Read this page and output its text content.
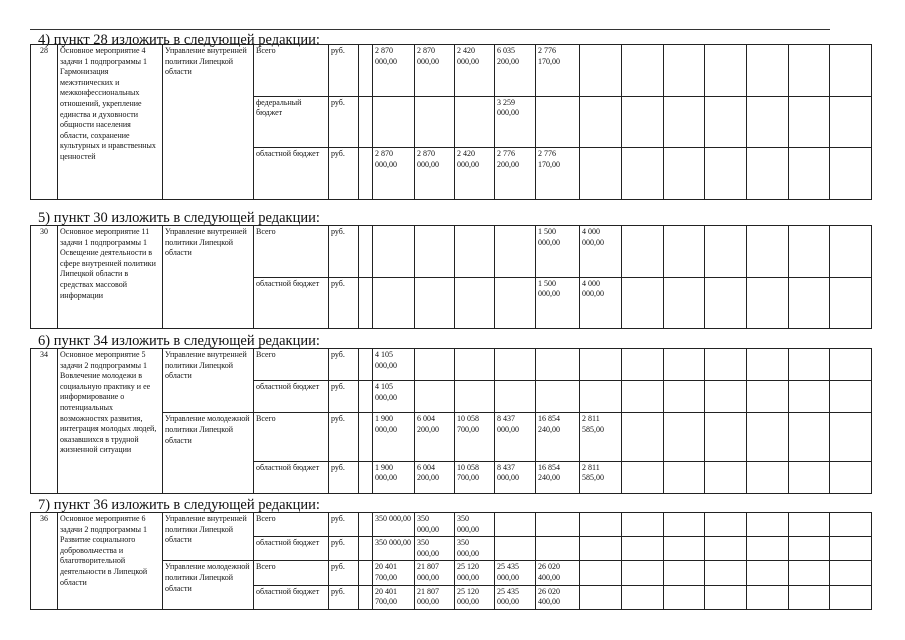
4) пункт 28 изложить в следующей редакции:
28	Основное мероприятие 4 задачи 1 подпрограммы 1 Гармонизация межэтнических и межконфессиональных отношений, укрепление единства и духовности общности населения области, сохранение культурных и нравственных ценностей	Управление внутренней политики Липецкой области	Всего	руб.		2 870 000,00	2 870 000,00	2 420 000,00	6 035 200,00	2 776 170,00							
			федеральный бюджет	руб.					3 259 000,00								
			областной бюджет	руб.		2 870 000,00	2 870 000,00	2 420 000,00	2 776 200,00	2 776 170,00							
5) пункт 30 изложить в следующей редакции:
30	Основное мероприятие 11 задачи 1 подпрограммы 1 Освещение деятельности в сфере внутренней политики Липецкой области в средствах массовой информации	Управление внутренней политики Липецкой области	Всего	руб.						1 500 000,00	4 000 000,00						
			областной бюджет	руб.						1 500 000,00	4 000 000,00						
6) пункт 34 изложить в следующей редакции:
34	Основное мероприятие 5 задачи 2 подпрограммы 1 Вовлечение молодежи в социальную практику и ее информирование о потенциальных возможностях развития, интеграция молодых людей, оказавшихся в трудной жизненной ситуации	Управление внутренней политики Липецкой области	Всего	руб.		4 105 000,00											
			областной бюджет	руб.		4 105 000,00											
		Управление молодежной политики Липецкой области	Всего	руб.		1 900 000,00	6 004 200,00	10 058 700,00	8 437 000,00	16 854 240,00	2 811 585,00						
			областной бюджет	руб.		1 900 000,00	6 004 200,00	10 058 700,00	8 437 000,00	16 854 240,00	2 811 585,00						
7) пункт 36 изложить в следующей редакции:
36	Основное мероприятие 6 задачи 2 подпрограммы 1 Развитие социального добровольчества и благотворительной деятельности в Липецкой области	Управление внутренней политики Липецкой области	Всего	руб.		350 000,00	350 000,00	350 000,00									
			областной бюджет	руб.		350 000,00	350 000,00	350 000,00									
		Управление молодежной политики Липецкой области	Всего	руб.		20 401 700,00	21 807 000,00	25 120 000,00	25 435 000,00	26 020 400,00							
			областной бюджет	руб.		20 401 700,00	21 807 000,00	25 120 000,00	25 435 000,00	26 020 400,00							
